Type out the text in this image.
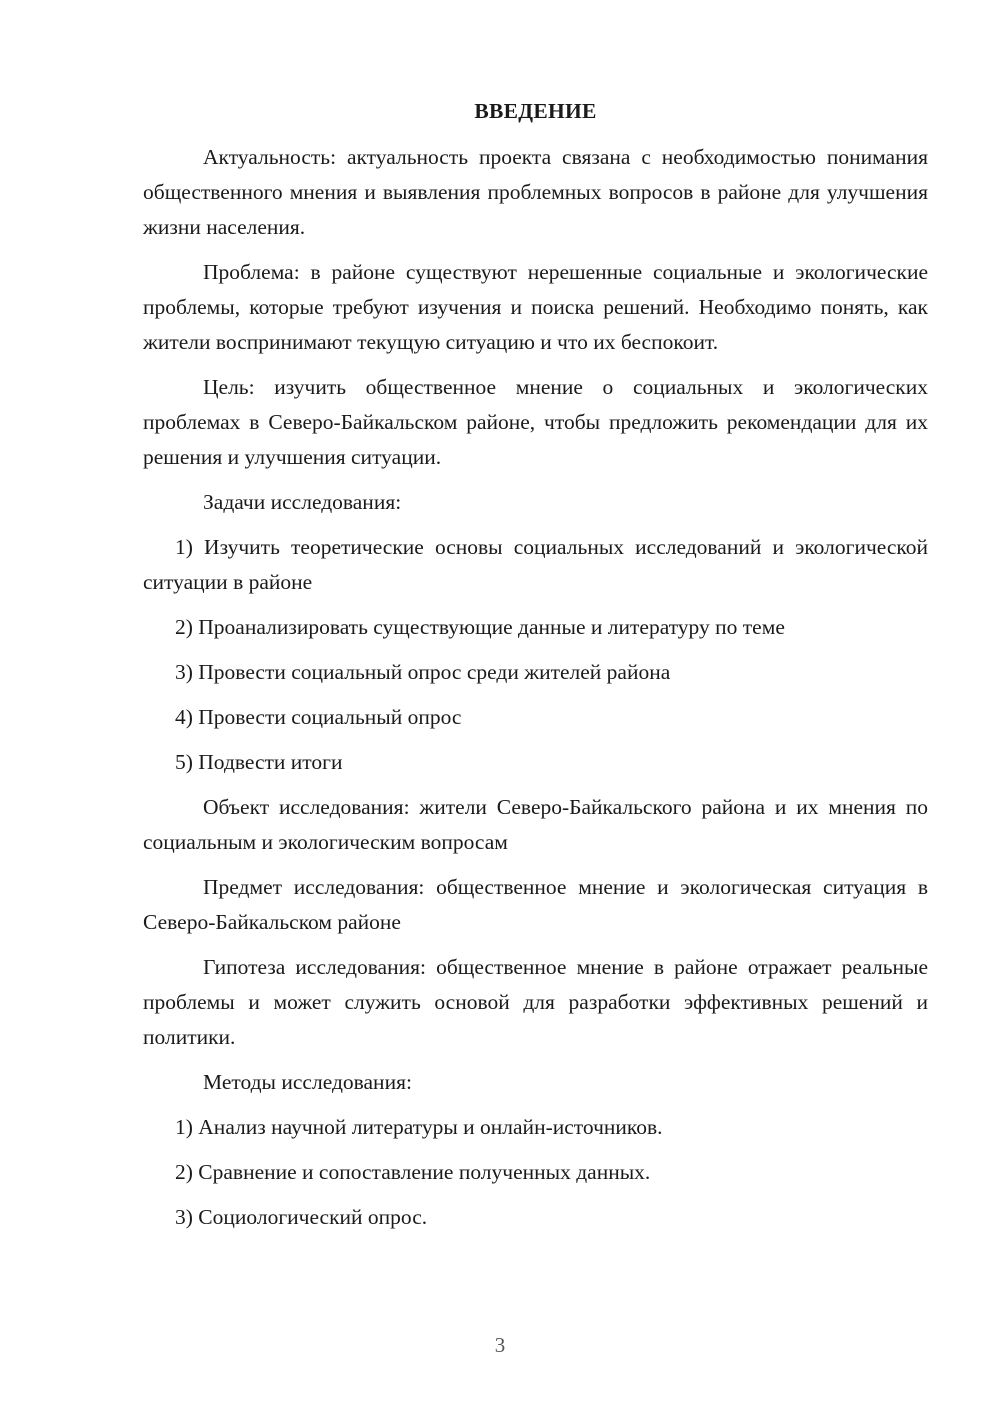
ВВЕДЕНИЕ

Актуальность: актуальность проекта связана с необходимостью понимания общественного мнения и выявления проблемных вопросов в районе для улучшения жизни населения.

Проблема: в районе существуют нерешенные социальные и экологические проблемы, которые требуют изучения и поиска решений. Необходимо понять, как жители воспринимают текущую ситуацию и что их беспокоит.

Цель: изучить общественное мнение о социальных и экологических проблемах в Северо-Байкальском районе, чтобы предложить рекомендации для их решения и улучшения ситуации.

Задачи исследования:

1) Изучить теоретические основы социальных исследований и экологической ситуации в районе

2) Проанализировать существующие данные и литературу по теме

3) Провести социальный опрос среди жителей района

4) Провести социальный опрос

5) Подвести итоги

Объект исследования: жители Северо-Байкальского района и их мнения по социальным и экологическим вопросам

Предмет исследования: общественное мнение и экологическая ситуация в Северо-Байкальском районе

Гипотеза исследования: общественное мнение в районе отражает реальные проблемы и может служить основой для разработки эффективных решений и политики.

Методы исследования:

1) Анализ научной литературы и онлайн-источников.

2) Сравнение и сопоставление полученных данных.

3) Социологический опрос.

3
